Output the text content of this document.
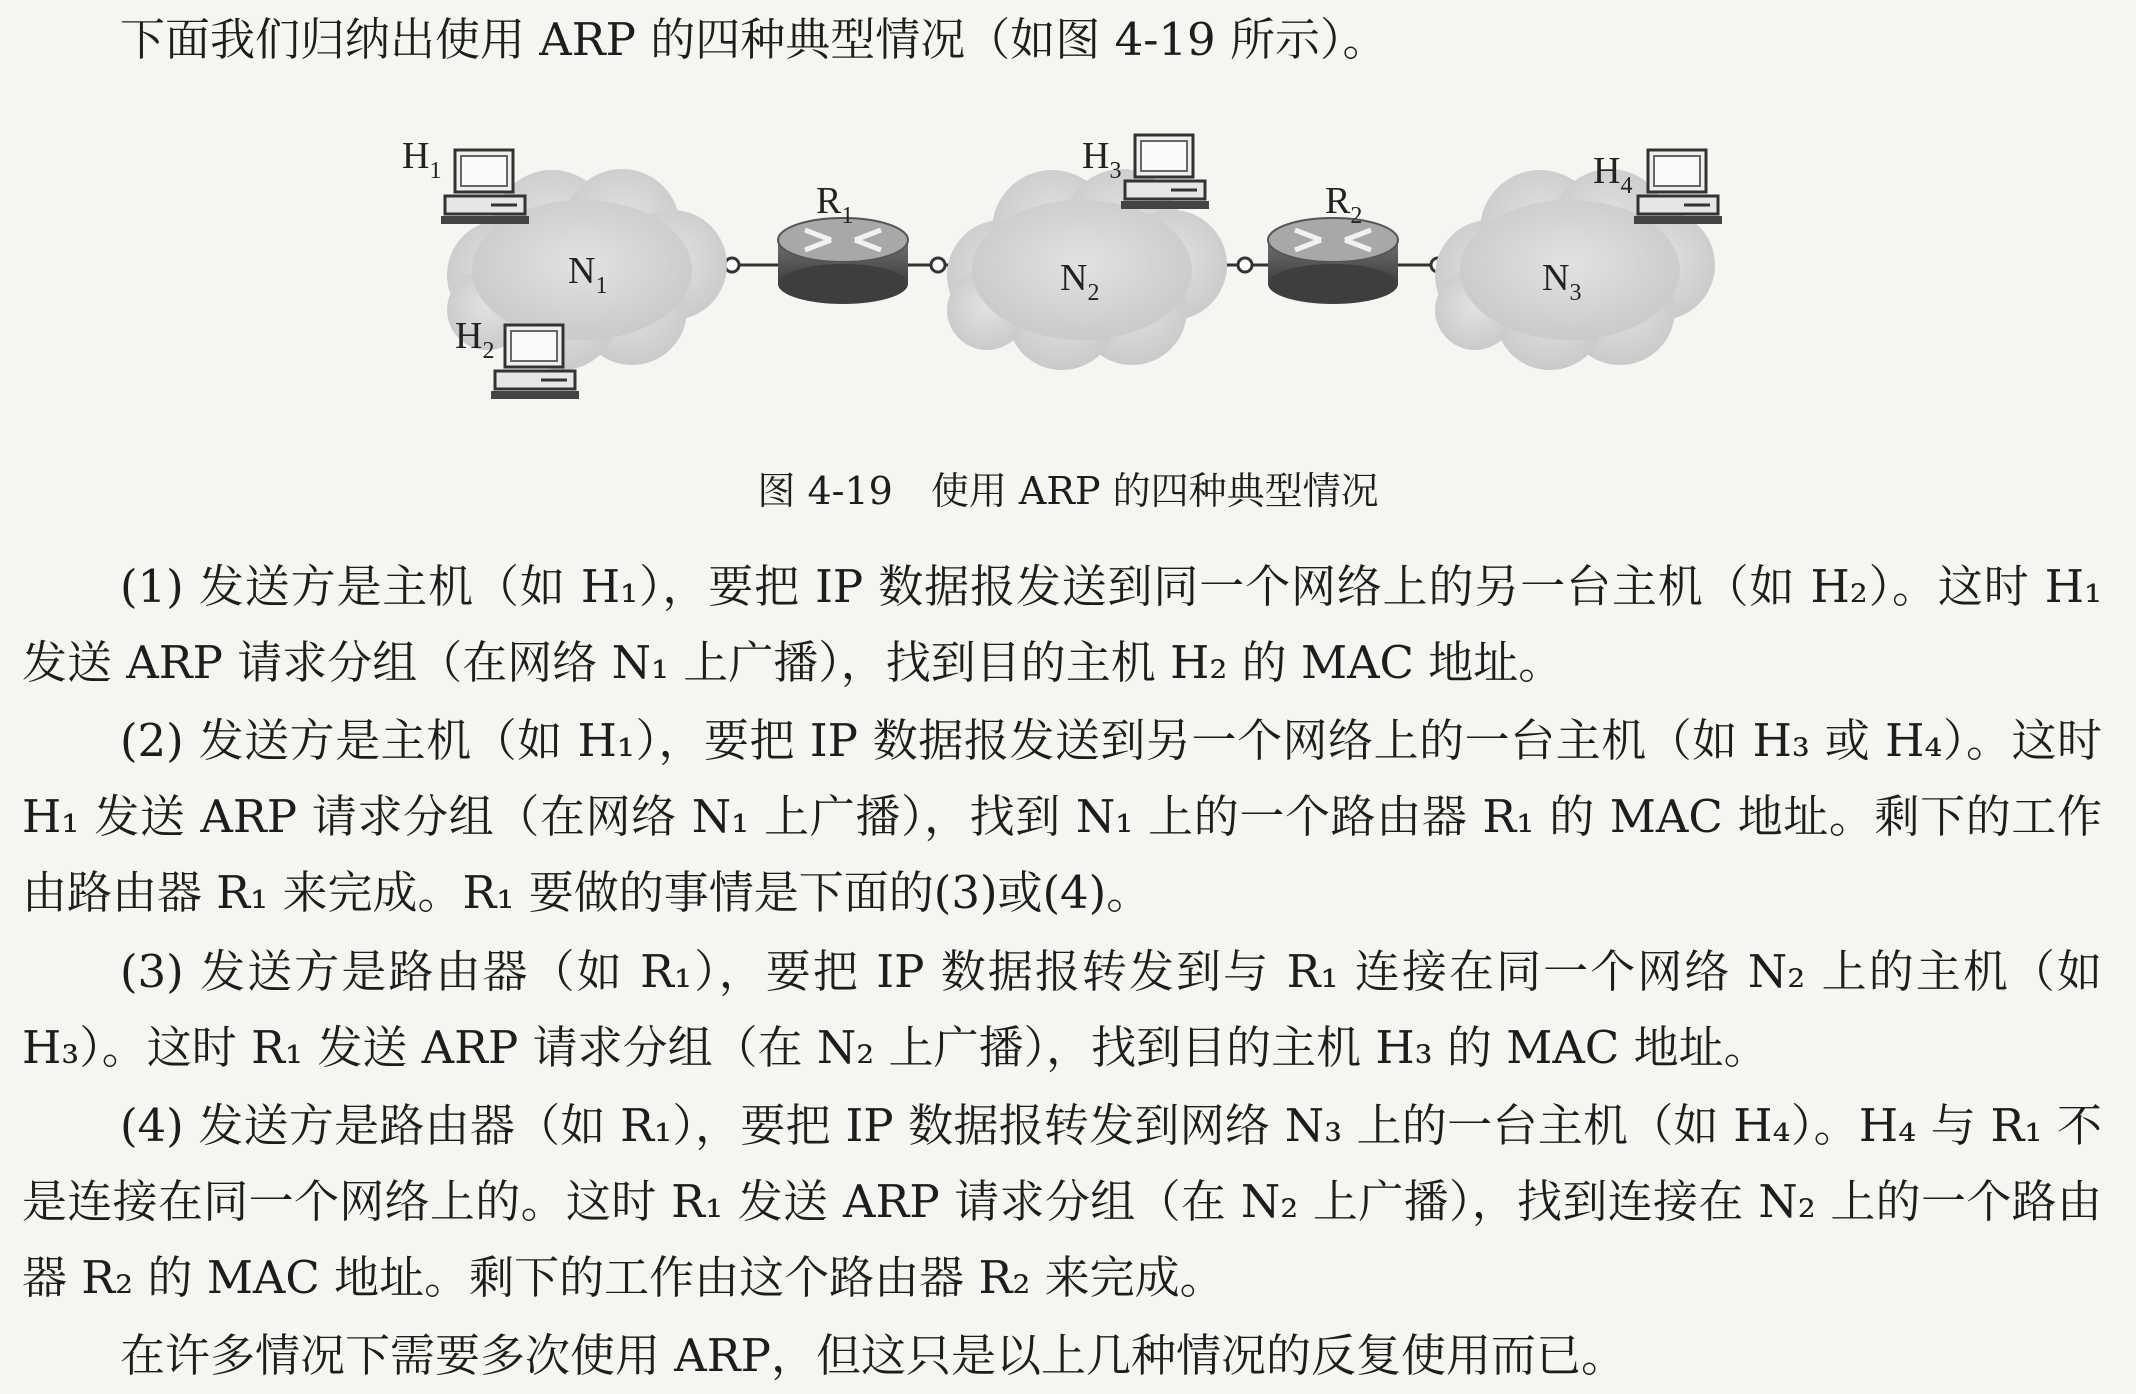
下面我们归纳出使用 ARP 的四种典型情况（如图 4-19 所示）。

$H_1$
$H_2$
$H_3$	$H_4$
$R_1$	$R_2$
$N_1$	$N_2$	$N_3$
图 4-19　使用 ARP 的四种典型情况

(1) 发送方是主机（如 H₁），要把 IP 数据报发送到同一个网络上的另一台主机（如 H₂）。这时 H₁ 发送 ARP 请求分组（在网络 N₁ 上广播），找到目的主机 H₂ 的 MAC 地址。

(2) 发送方是主机（如 H₁），要把 IP 数据报发送到另一个网络上的一台主机（如 H₃ 或 H₄）。这时 H₁ 发送 ARP 请求分组（在网络 N₁ 上广播），找到 N₁ 上的一个路由器 R₁ 的 MAC 地址。剩下的工作由路由器 R₁ 来完成。R₁ 要做的事情是下面的(3)或(4)。

(3) 发送方是路由器（如 R₁），要把 IP 数据报转发到与 R₁ 连接在同一个网络 N₂ 上的主机（如 H₃）。这时 R₁ 发送 ARP 请求分组（在 N₂ 上广播），找到目的主机 H₃ 的 MAC 地址。

(4) 发送方是路由器（如 R₁），要把 IP 数据报转发到网络 N₃ 上的一台主机（如 H₄）。H₄ 与 R₁ 不是连接在同一个网络上的。这时 R₁ 发送 ARP 请求分组（在 N₂ 上广播），找到连接在 N₂ 上的一个路由器 R₂ 的 MAC 地址。剩下的工作由这个路由器 R₂ 来完成。

在许多情况下需要多次使用 ARP，但这只是以上几种情况的反复使用而已。
